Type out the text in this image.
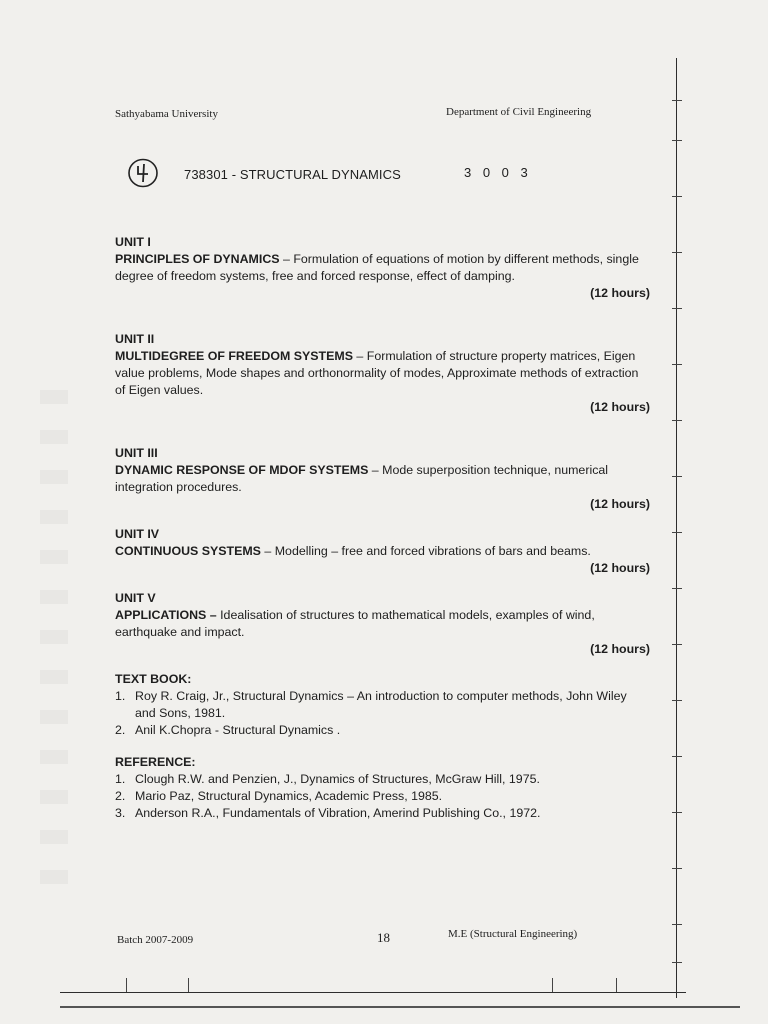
Sathyabama University	Department of Civil Engineering
738301 - STRUCTURAL DYNAMICS	3 0 0 3
UNIT I
PRINCIPLES OF DYNAMICS – Formulation of equations of motion by different methods, single degree of freedom systems, free and forced response, effect of damping.
(12 hours)
UNIT II
MULTIDEGREE OF FREEDOM SYSTEMS – Formulation of structure property matrices, Eigen value problems, Mode shapes and orthonormality of modes, Approximate methods of extraction of Eigen values.
(12 hours)
UNIT III
DYNAMIC RESPONSE OF MDOF SYSTEMS – Mode superposition technique, numerical integration procedures.
(12 hours)
UNIT IV
CONTINUOUS SYSTEMS – Modelling – free and forced vibrations of bars and beams.
(12 hours)
UNIT V
APPLICATIONS – Idealisation of structures to mathematical models, examples of wind, earthquake and impact.
(12 hours)
TEXT BOOK:
1. Roy R. Craig, Jr., Structural Dynamics – An introduction to computer methods, John Wiley and Sons, 1981.
2. Anil K.Chopra - Structural Dynamics .
REFERENCE:
1. Clough R.W. and Penzien, J., Dynamics of Structures, McGraw Hill, 1975.
2. Mario Paz, Structural Dynamics, Academic Press, 1985.
3. Anderson R.A., Fundamentals of Vibration, Amerind Publishing Co., 1972.
Batch 2007-2009	18	M.E (Structural Engineering)
